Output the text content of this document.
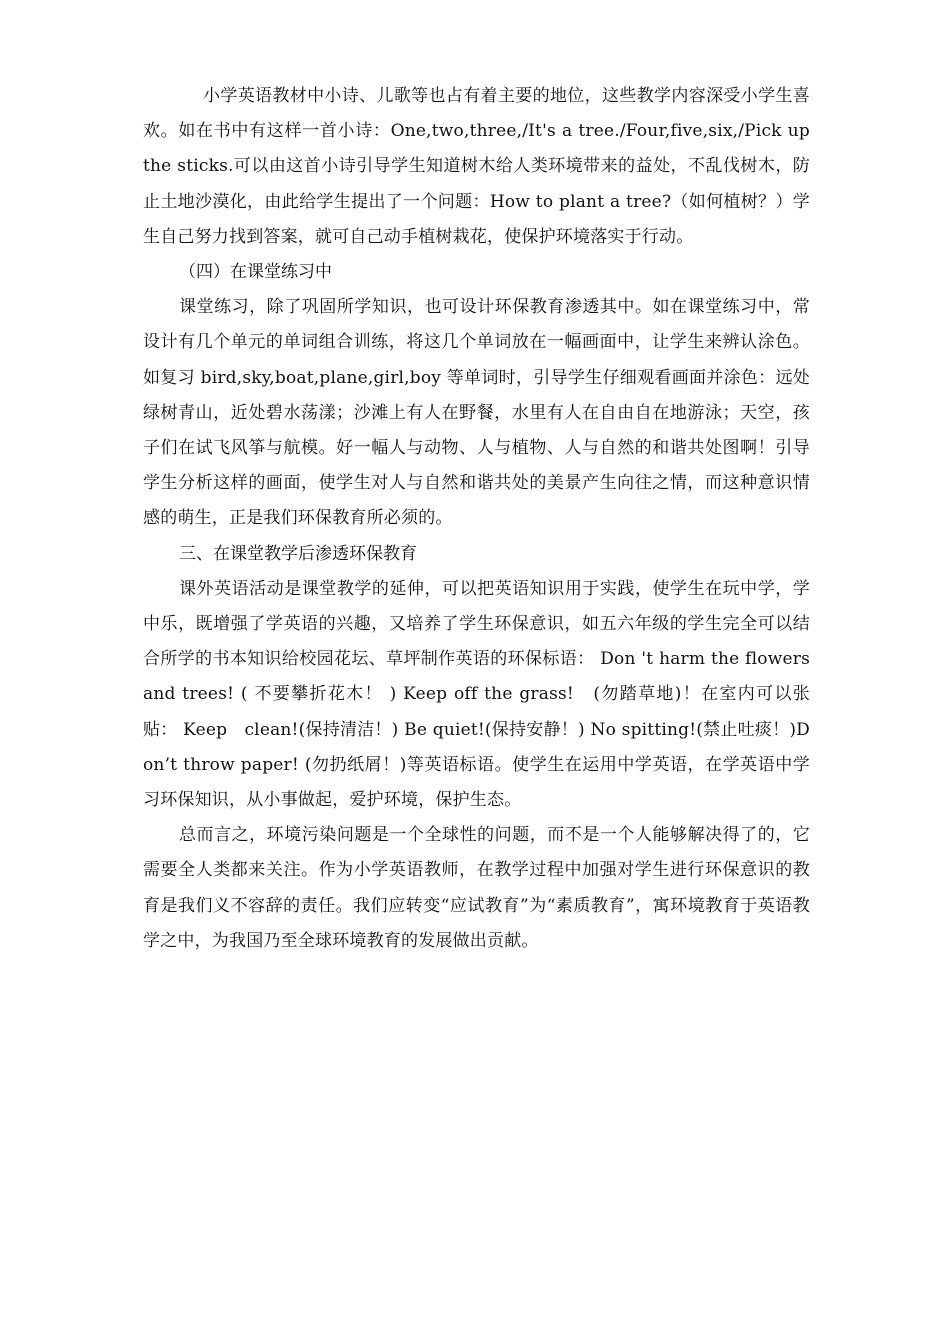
小学英语教材中小诗、儿歌等也占有着主要的地位，这些教学内容深受小学生喜欢。如在书中有这样一首小诗：One,two,three,/It's a tree./Four,five,six,/Pick up the sticks.可以由这首小诗引导学生知道树木给人类环境带来的益处，不乱伐树木，防止土地沙漠化，由此给学生提出了一个问题：How to plant a tree?（如何植树？）学生自己努力找到答案，就可自己动手植树栽花，使保护环境落实于行动。

（四）在课堂练习中

课堂练习，除了巩固所学知识，也可设计环保教育渗透其中。如在课堂练习中，常设计有几个单元的单词组合训练，将这几个单词放在一幅画面中，让学生来辨认涂色。如复习 bird,sky,boat,plane,girl,boy 等单词时，引导学生仔细观看画面并涂色：远处绿树青山，近处碧水荡漾；沙滩上有人在野餐，水里有人在自由自在地游泳；天空，孩子们在试飞风筝与航模。好一幅人与动物、人与植物、人与自然的和谐共处图啊！引导学生分析这样的画面，使学生对人与自然和谐共处的美景产生向往之情，而这种意识情感的萌生，正是我们环保教育所必须的。

三、在课堂教学后渗透环保教育

课外英语活动是课堂教学的延伸，可以把英语知识用于实践，使学生在玩中学，学中乐，既增强了学英语的兴趣，又培养了学生环保意识，如五六年级的学生完全可以结合所学的书本知识给校园花坛、草坪制作英语的环保标语： Don 't harm the flowers and trees! ( 不要攀折花木！ ) Keep off the grass!　(勿踏草地)！在室内可以张贴： Keep　clean!(保持清洁！) Be quiet!(保持安静！) No spitting!(禁止吐痰！)Don’t throw paper! (勿扔纸屑！)等英语标语。使学生在运用中学英语，在学英语中学习环保知识，从小事做起，爱护环境，保护生态。

总而言之，环境污染问题是一个全球性的问题，而不是一个人能够解决得了的，它需要全人类都来关注。作为小学英语教师，在教学过程中加强对学生进行环保意识的教育是我们义不容辞的责任。我们应转变“应试教育”为“素质教育”，寓环境教育于英语教学之中，为我国乃至全球环境教育的发展做出贡献。
